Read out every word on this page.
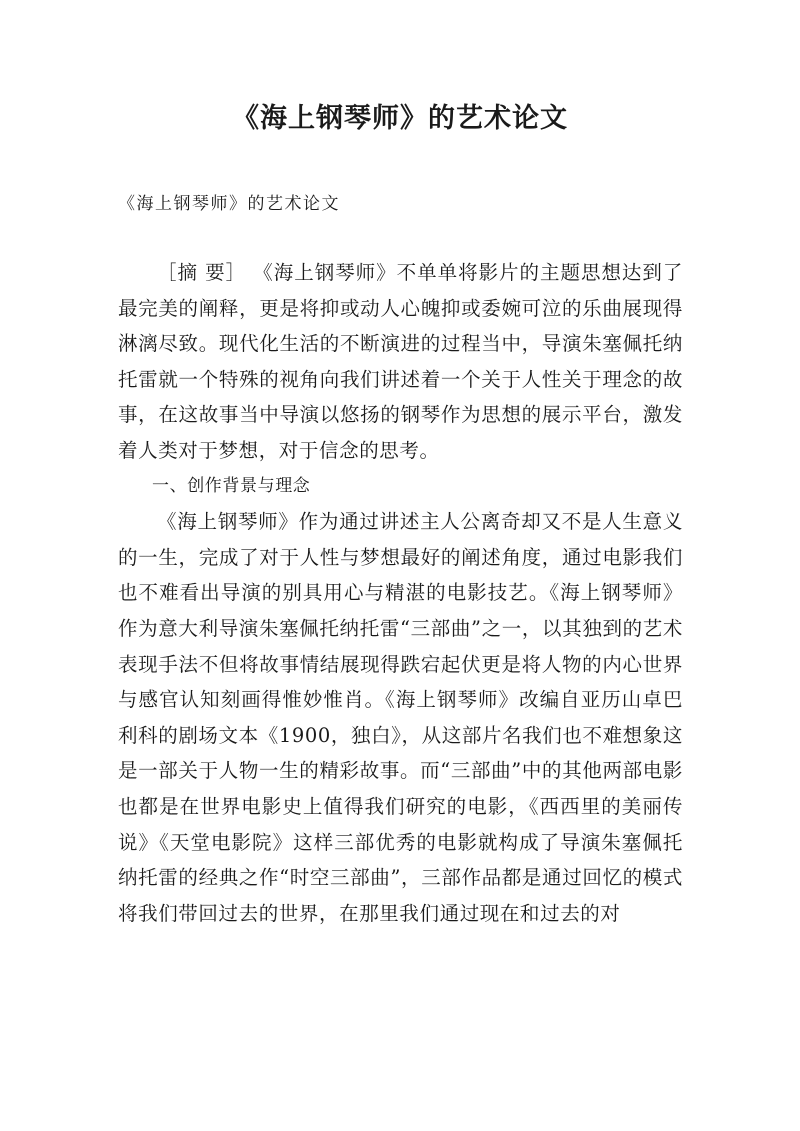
《海上钢琴师》的艺术论文
《海上钢琴师》的艺术论文

［摘 要］ 《海上钢琴师》不单单将影片的主题思想达到了最完美的阐释，更是将抑或动人心魄抑或委婉可泣的乐曲展现得淋漓尽致。现代化生活的不断演进的过程当中，导演朱塞佩托纳托雷就一个特殊的视角向我们讲述着一个关于人性关于理念的故事，在这故事当中导演以悠扬的钢琴作为思想的展示平台，激发着人类对于梦想，对于信念的思考。

一、创作背景与理念

《海上钢琴师》作为通过讲述主人公离奇却又不是人生意义的一生，完成了对于人性与梦想最好的阐述角度，通过电影我们也不难看出导演的别具用心与精湛的电影技艺。《海上钢琴师》作为意大利导演朱塞佩托纳托雷“三部曲”之一，以其独到的艺术表现手法不但将故事情结展现得跌宕起伏更是将人物的内心世界与感官认知刻画得惟妙惟肖。《海上钢琴师》改编自亚历山卓巴利科的剧场文本《1900，独白》，从这部片名我们也不难想象这是一部关于人物一生的精彩故事。而“三部曲”中的其他两部电影也都是在世界电影史上值得我们研究的电影，《西西里的美丽传说》《天堂电影院》这样三部优秀的电影就构成了导演朱塞佩托纳托雷的经典之作“时空三部曲”，三部作品都是通过回忆的模式将我们带回过去的世界，在那里我们通过现在和过去的对
